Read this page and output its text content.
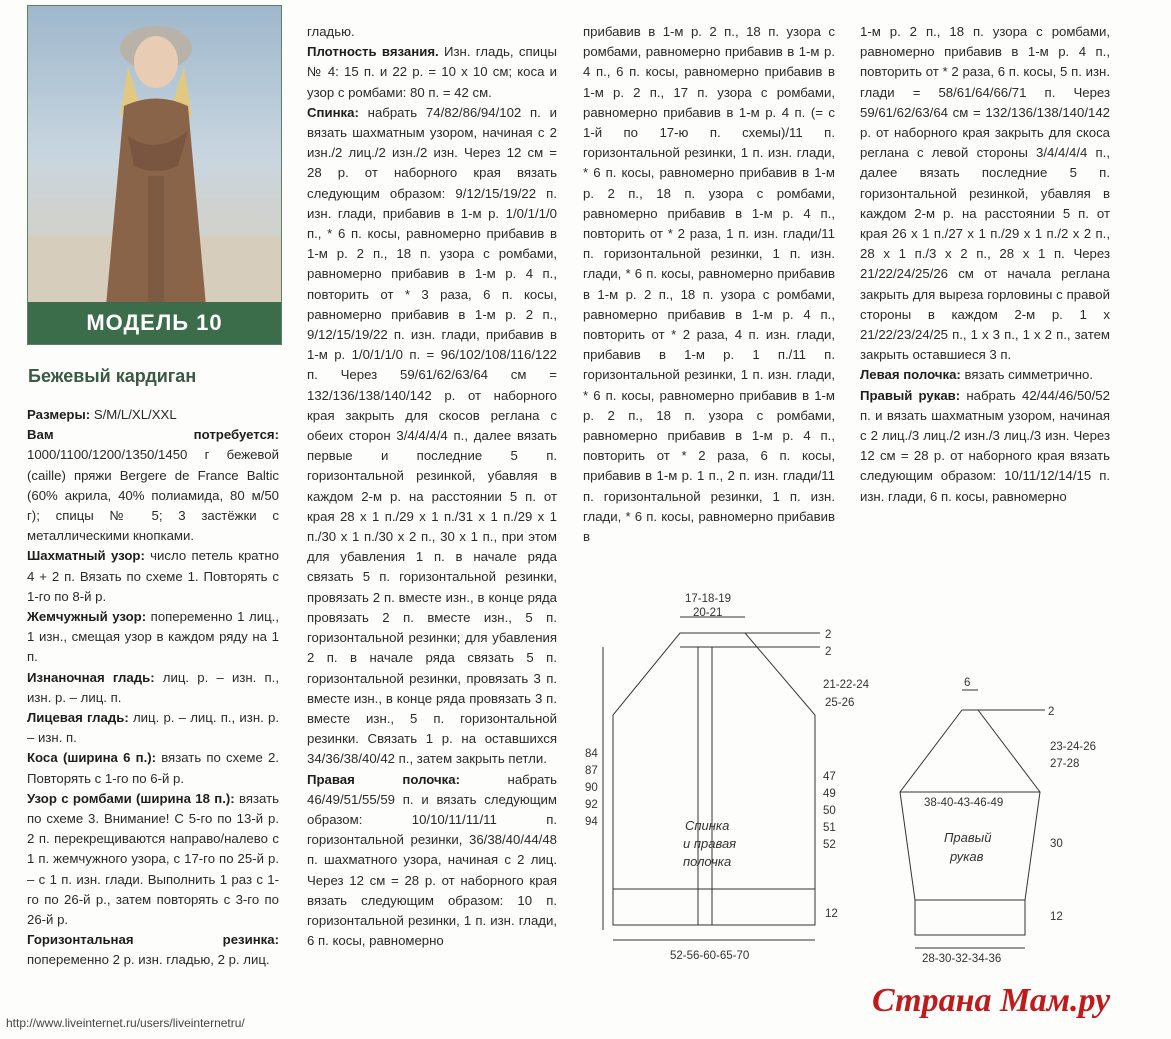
МОДЕЛЬ 10
Бежевый кардиган

Размеры: S/M/L/XL/XXL

Вам потребуется: 1000/1100/1200/1350/1450 г бежевой (caille) пряжи Bergere de France Baltic (60% акрила, 40% полиамида, 80 м/50 г); спицы № 5; 3 застёжки с металлическими кнопками.

Шахматный узор: число петель кратно 4 + 2 п. Вязать по схеме 1. Повторять с 1-го по 8-й р.

Жемчужный узор: попеременно 1 лиц., 1 изн., смещая узор в каждом ряду на 1 п.

Изнаночная гладь: лиц. р. – изн. п., изн. р. – лиц. п.

Лицевая гладь: лиц. р. – лиц. п., изн. р. – изн. п.

Коса (ширина 6 п.): вязать по схеме 2. Повторять с 1-го по 6-й р.

Узор с ромбами (ширина 18 п.): вязать по схеме 3. Внимание! С 5-го по 13-й р. 2 п. перекрещиваются направо/налево с 1 п. жемчужного узора, с 17-го по 25-й р. – с 1 п. изн. глади. Выполнить 1 раз с 1-го по 26-й р., затем повторять с 3-го по 26-й р.

Горизонтальная резинка: попеременно 2 р. изн. гладью, 2 р. лиц.

гладью.

Плотность вязания. Изн. гладь, спицы № 4: 15 п. и 22 р. = 10 х 10 см; коса и узор с ромбами: 80 п. = 42 см.

Спинка: набрать 74/82/86/94/102 п. и вязать шахматным узором, начиная с 2 изн./2 лиц./2 изн./2 изн. Через 12 см = 28 р. от наборного края вязать следующим образом: 9/12/15/19/22 п. изн. глади, прибавив в 1-м р. 1/0/1/1/0 п., * 6 п. косы, равномерно прибавив в 1-м р. 2 п., 18 п. узора с ромбами, равномерно прибавив в 1-м р. 4 п., повторить от * 3 раза, 6 п. косы, равномерно прибавив в 1-м р. 2 п., 9/12/15/19/22 п. изн. глади, прибавив в 1-м р. 1/0/1/1/0 п. = 96/102/108/116/122 п. Через 59/61/62/63/64 см = 132/136/138/140/142 р. от наборного края закрыть для скосов реглана с обеих сторон 3/4/4/4/4 п., далее вязать первые и последние 5 п. горизонтальной резинкой, убавляя в каждом 2-м р. на расстоянии 5 п. от края 28 х 1 п./29 х 1 п./31 х 1 п./29 х 1 п./30 х 1 п./30 х 2 п., 30 х 1 п., при этом для убавления 1 п. в начале ряда связать 5 п. горизонтальной резинки, провязать 2 п. вместе изн., в конце ряда провязать 2 п. вместе изн., 5 п. горизонтальной резинки; для убавления 2 п. в начале ряда связать 5 п. горизонтальной резинки, провязать 3 п. вместе изн., в конце ряда провязать 3 п. вместе изн., 5 п. горизонтальной резинки. Связать 1 р. на оставшихся 34/36/38/40/42 п., затем закрыть петли.

Правая полочка: набрать 46/49/51/55/59 п. и вязать следующим образом: 10/10/11/11/11 п. горизонтальной резинки, 36/38/40/44/48 п. шахматного узора, начиная с 2 лиц. Через 12 см = 28 р. от наборного края вязать следующим образом: 10 п. горизонтальной резинки, 1 п. изн. глади, 6 п. косы, равномерно

прибавив в 1-м р. 2 п., 18 п. узора с ромбами, равномерно прибавив в 1-м р. 4 п., 6 п. косы, равномерно прибавив в 1-м р. 2 п., 17 п. узора с ромбами, равномерно прибавив в 1-м р. 4 п. (= с 1-й по 17-ю п. схемы)/11 п. горизонтальной резинки, 1 п. изн. глади, * 6 п. косы, равномерно прибавив в 1-м р. 2 п., 18 п. узора с ромбами, равномерно прибавив в 1-м р. 4 п., повторить от * 2 раза, 1 п. изн. глади/11 п. горизонтальной резинки, 1 п. изн. глади, * 6 п. косы, равномерно прибавив в 1-м р. 2 п., 18 п. узора с ромбами, равномерно прибавив в 1-м р. 4 п., повторить от * 2 раза, 4 п. изн. глади, прибавив в 1-м р. 1 п./11 п. горизонтальной резинки, 1 п. изн. глади, * 6 п. косы, равномерно прибавив в 1-м р. 2 п., 18 п. узора с ромбами, равномерно прибавив в 1-м р. 4 п., повторить от * 2 раза, 6 п. косы, прибавив в 1-м р. 1 п., 2 п. изн. глади/11 п. горизонтальной резинки, 1 п. изн. глади, * 6 п. косы, равномерно прибавив в

1-м р. 2 п., 18 п. узора с ромбами, равномерно прибавив в 1-м р. 4 п., повторить от * 2 раза, 6 п. косы, 5 п. изн. глади = 58/61/64/66/71 п. Через 59/61/62/63/64 см = 132/136/138/140/142 р. от наборного края закрыть для скоса реглана с левой стороны 3/4/4/4/4 п., далее вязать последние 5 п. горизонтальной резинкой, убавляя в каждом 2-м р. на расстоянии 5 п. от края 26 х 1 п./27 х 1 п./29 х 1 п./2 х 2 п., 28 х 1 п./3 х 2 п., 28 х 1 п. Через 21/22/24/25/26 см от начала реглана закрыть для выреза горловины с правой стороны в каждом 2-м р. 1 х 21/22/23/24/25 п., 1 х 3 п., 1 х 2 п., затем закрыть оставшиеся 3 п.

Левая полочка: вязать симметрично.

Правый рукав: набрать 42/44/46/50/52 п. и вязать шахматным узором, начиная с 2 лиц./3 лиц./2 изн./3 лиц./3 изн. Через 12 см = 28 р. от наборного края вязать следующим образом: 10/11/12/14/15 п. изн. глади, 6 п. косы, равномерно

17-18-19
20-21
2
2
21-22-24
25-26
84
87
90
92
94
47
49
50
51
52
Спинка
и правая
полочка
12
52-56-60-65-70
6
2
23-24-26
27-28
38-40-43-46-49
Правый
рукав
30
12
28-30-32-34-36
http://www.liveinternet.ru/users/liveinternetru/
Страна Мам.ру
